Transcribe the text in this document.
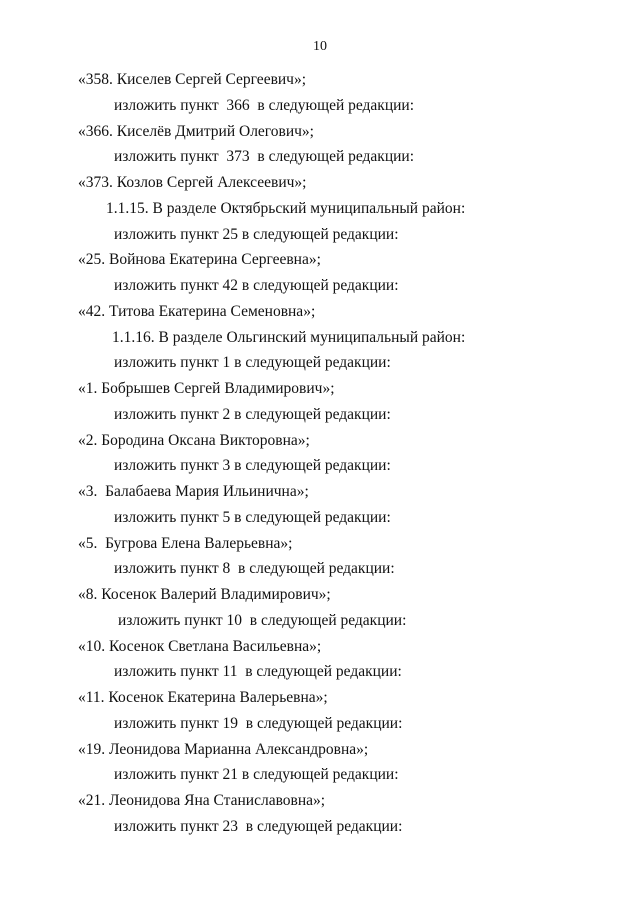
10
«358. Киселев Сергей Сергеевич»;
изложить пункт  366  в следующей редакции:
«366. Киселёв Дмитрий Олегович»;
изложить пункт  373  в следующей редакции:
«373. Козлов Сергей Алексеевич»;
1.1.15. В разделе Октябрьский муниципальный район:
изложить пункт 25 в следующей редакции:
«25. Войнова Екатерина Сергеевна»;
изложить пункт 42 в следующей редакции:
«42. Титова Екатерина Семеновна»;
1.1.16. В разделе Ольгинский муниципальный район:
изложить пункт 1 в следующей редакции:
«1. Бобрышев Сергей Владимирович»;
изложить пункт 2 в следующей редакции:
«2. Бородина Оксана Викторовна»;
изложить пункт 3 в следующей редакции:
«3.  Балабаева Мария Ильинична»;
изложить пункт 5 в следующей редакции:
«5.  Бугрова Елена Валерьевна»;
изложить пункт 8  в следующей редакции:
«8. Косенок Валерий Владимирович»;
изложить пункт 10  в следующей редакции:
«10. Косенок Светлана Васильевна»;
изложить пункт 11  в следующей редакции:
«11. Косенок Екатерина Валерьевна»;
изложить пункт 19  в следующей редакции:
«19. Леонидова Марианна Александровна»;
изложить пункт 21 в следующей редакции:
«21. Леонидова Яна Станиславовна»;
изложить пункт 23  в следующей редакции:
